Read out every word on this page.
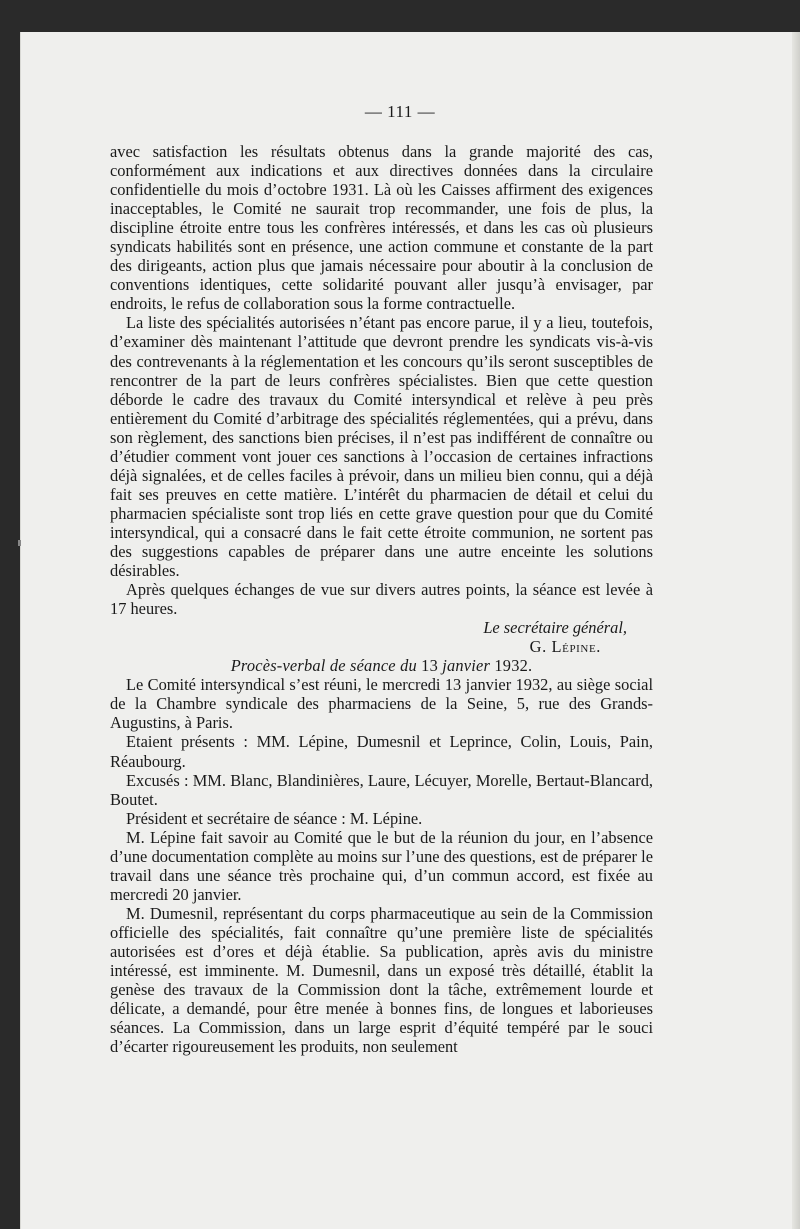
— 111 —

avec satisfaction les résultats obtenus dans la grande majorité des cas, conformément aux indications et aux directives données dans la circulaire confidentielle du mois d’octobre 1931. Là où les Caisses affirment des exigences inacceptables, le Comité ne saurait trop recommander, une fois de plus, la discipline étroite entre tous les confrères intéressés, et dans les cas où plusieurs syndicats habilités sont en présence, une action commune et constante de la part des dirigeants, action plus que jamais nécessaire pour aboutir à la conclusion de conventions identiques, cette solidarité pouvant aller jusqu’à envisager, par endroits, le refus de collaboration sous la forme contractuelle.

La liste des spécialités autorisées n’étant pas encore parue, il y a lieu, toutefois, d’examiner dès maintenant l’attitude que devront prendre les syndicats vis-à-vis des contrevenants à la réglementation et les concours qu’ils seront susceptibles de rencontrer de la part de leurs confrères spécialistes. Bien que cette question déborde le cadre des travaux du Comité intersyndical et relève à peu près entièrement du Comité d’arbitrage des spécialités réglementées, qui a prévu, dans son règlement, des sanctions bien précises, il n’est pas indifférent de connaître ou d’étudier comment vont jouer ces sanctions à l’occasion de certaines infractions déjà signalées, et de celles faciles à prévoir, dans un milieu bien connu, qui a déjà fait ses preuves en cette matière. L’intérêt du pharmacien de détail et celui du pharmacien spécialiste sont trop liés en cette grave question pour que du Comité intersyndical, qui a consacré dans le fait cette étroite communion, ne sortent pas des suggestions capables de préparer dans une autre enceinte les solutions désirables.

Après quelques échanges de vue sur divers autres points, la séance est levée à 17 heures.

Le secrétaire général,

G. Lépine.

Procès-verbal de séance du 13 janvier 1932.

Le Comité intersyndical s’est réuni, le mercredi 13 janvier 1932, au siège social de la Chambre syndicale des pharmaciens de la Seine, 5, rue des Grands-Augustins, à Paris.

Etaient présents : MM. Lépine, Dumesnil et Leprince, Colin, Louis, Pain, Réaubourg.

Excusés : MM. Blanc, Blandinières, Laure, Lécuyer, Morelle, Bertaut-Blancard, Boutet.

Président et secrétaire de séance : M. Lépine.

M. Lépine fait savoir au Comité que le but de la réunion du jour, en l’absence d’une documentation complète au moins sur l’une des questions, est de préparer le travail dans une séance très prochaine qui, d’un commun accord, est fixée au mercredi 20 janvier.

M. Dumesnil, représentant du corps pharmaceutique au sein de la Commission officielle des spécialités, fait connaître qu’une première liste de spécialités autorisées est d’ores et déjà établie. Sa publication, après avis du ministre intéressé, est imminente. M. Dumesnil, dans un exposé très détaillé, établit la genèse des travaux de la Commission dont la tâche, extrêmement lourde et délicate, a demandé, pour être menée à bonnes fins, de longues et laborieuses séances. La Commission, dans un large esprit d’équité tempéré par le souci d’écarter rigoureusement les produits, non seulement
